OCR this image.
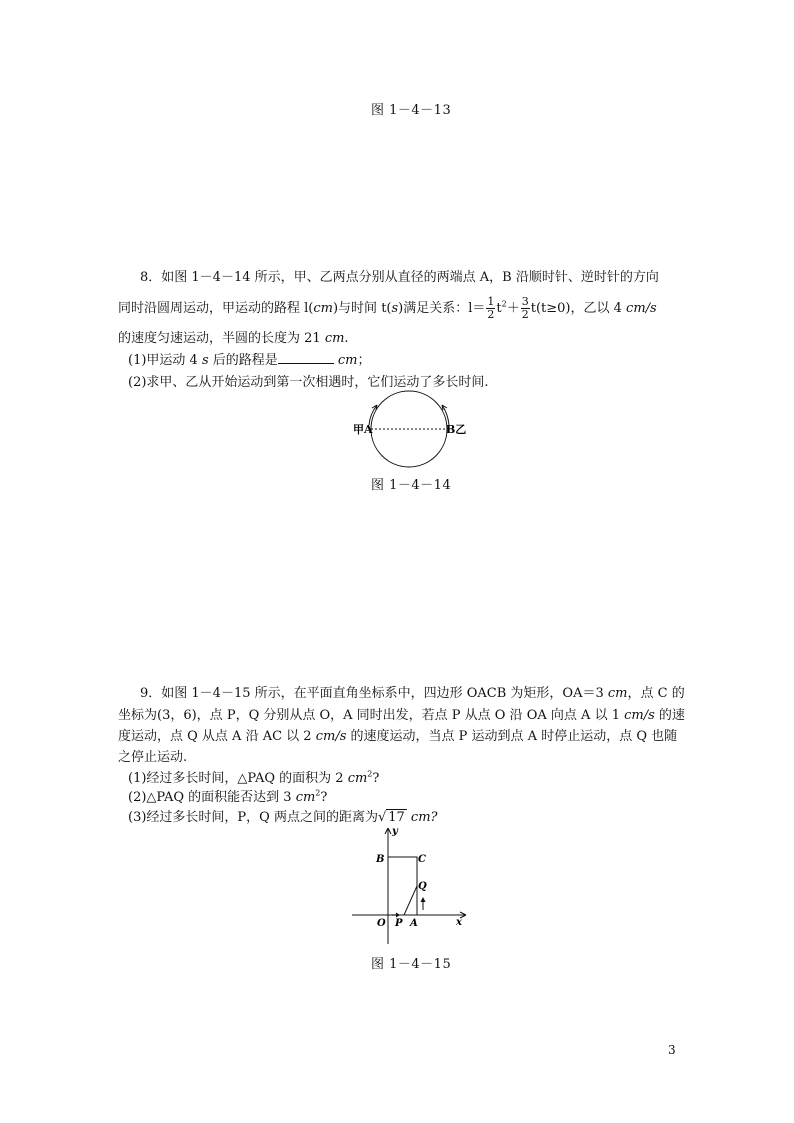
图 1－4－13
8．如图 1－4－14 所示，甲、乙两点分别从直径的两端点 A，B 沿顺时针、逆时针的方向
同时沿圆周运动，甲运动的路程 l(cm)与时间 t(s)满足关系：$l= \frac{1}{2} t^2+ \frac{3}{2} t(t\ge 0)$，乙以 4 cm/s
的速度匀速运动，半圆的长度为 21 cm.
(1)甲运动 4 s 后的路程是	cm；
(2)求甲、乙从开始运动到第一次相遇时，它们运动了多长时间.
甲A	B乙
图 1－4－14
9．如图 1－4－15 所示，在平面直角坐标系中，四边形 OACB 为矩形，OA＝3 cm，点 C 的
坐标为(3，6)，点 P，Q 分别从点 O，A 同时出发，若点 P 从点 O 沿 OA 向点 A 以 1 cm/s 的速
度运动，点 Q 从点 A 沿 AC 以 2 cm/s 的速度运动，当点 P 运动到点 A 时停止运动，点 Q 也随
之停止运动.
(1)经过多长时间，△PAQ 的面积为 2 $cm^2$?
(2)△PAQ 的面积能否达到 3 $cm^2$?
(3)经过多长时间，P，Q 两点之间的距离为√ 17 cm?
y
x
B	C
Q
O P A
图 1－4－15
3
